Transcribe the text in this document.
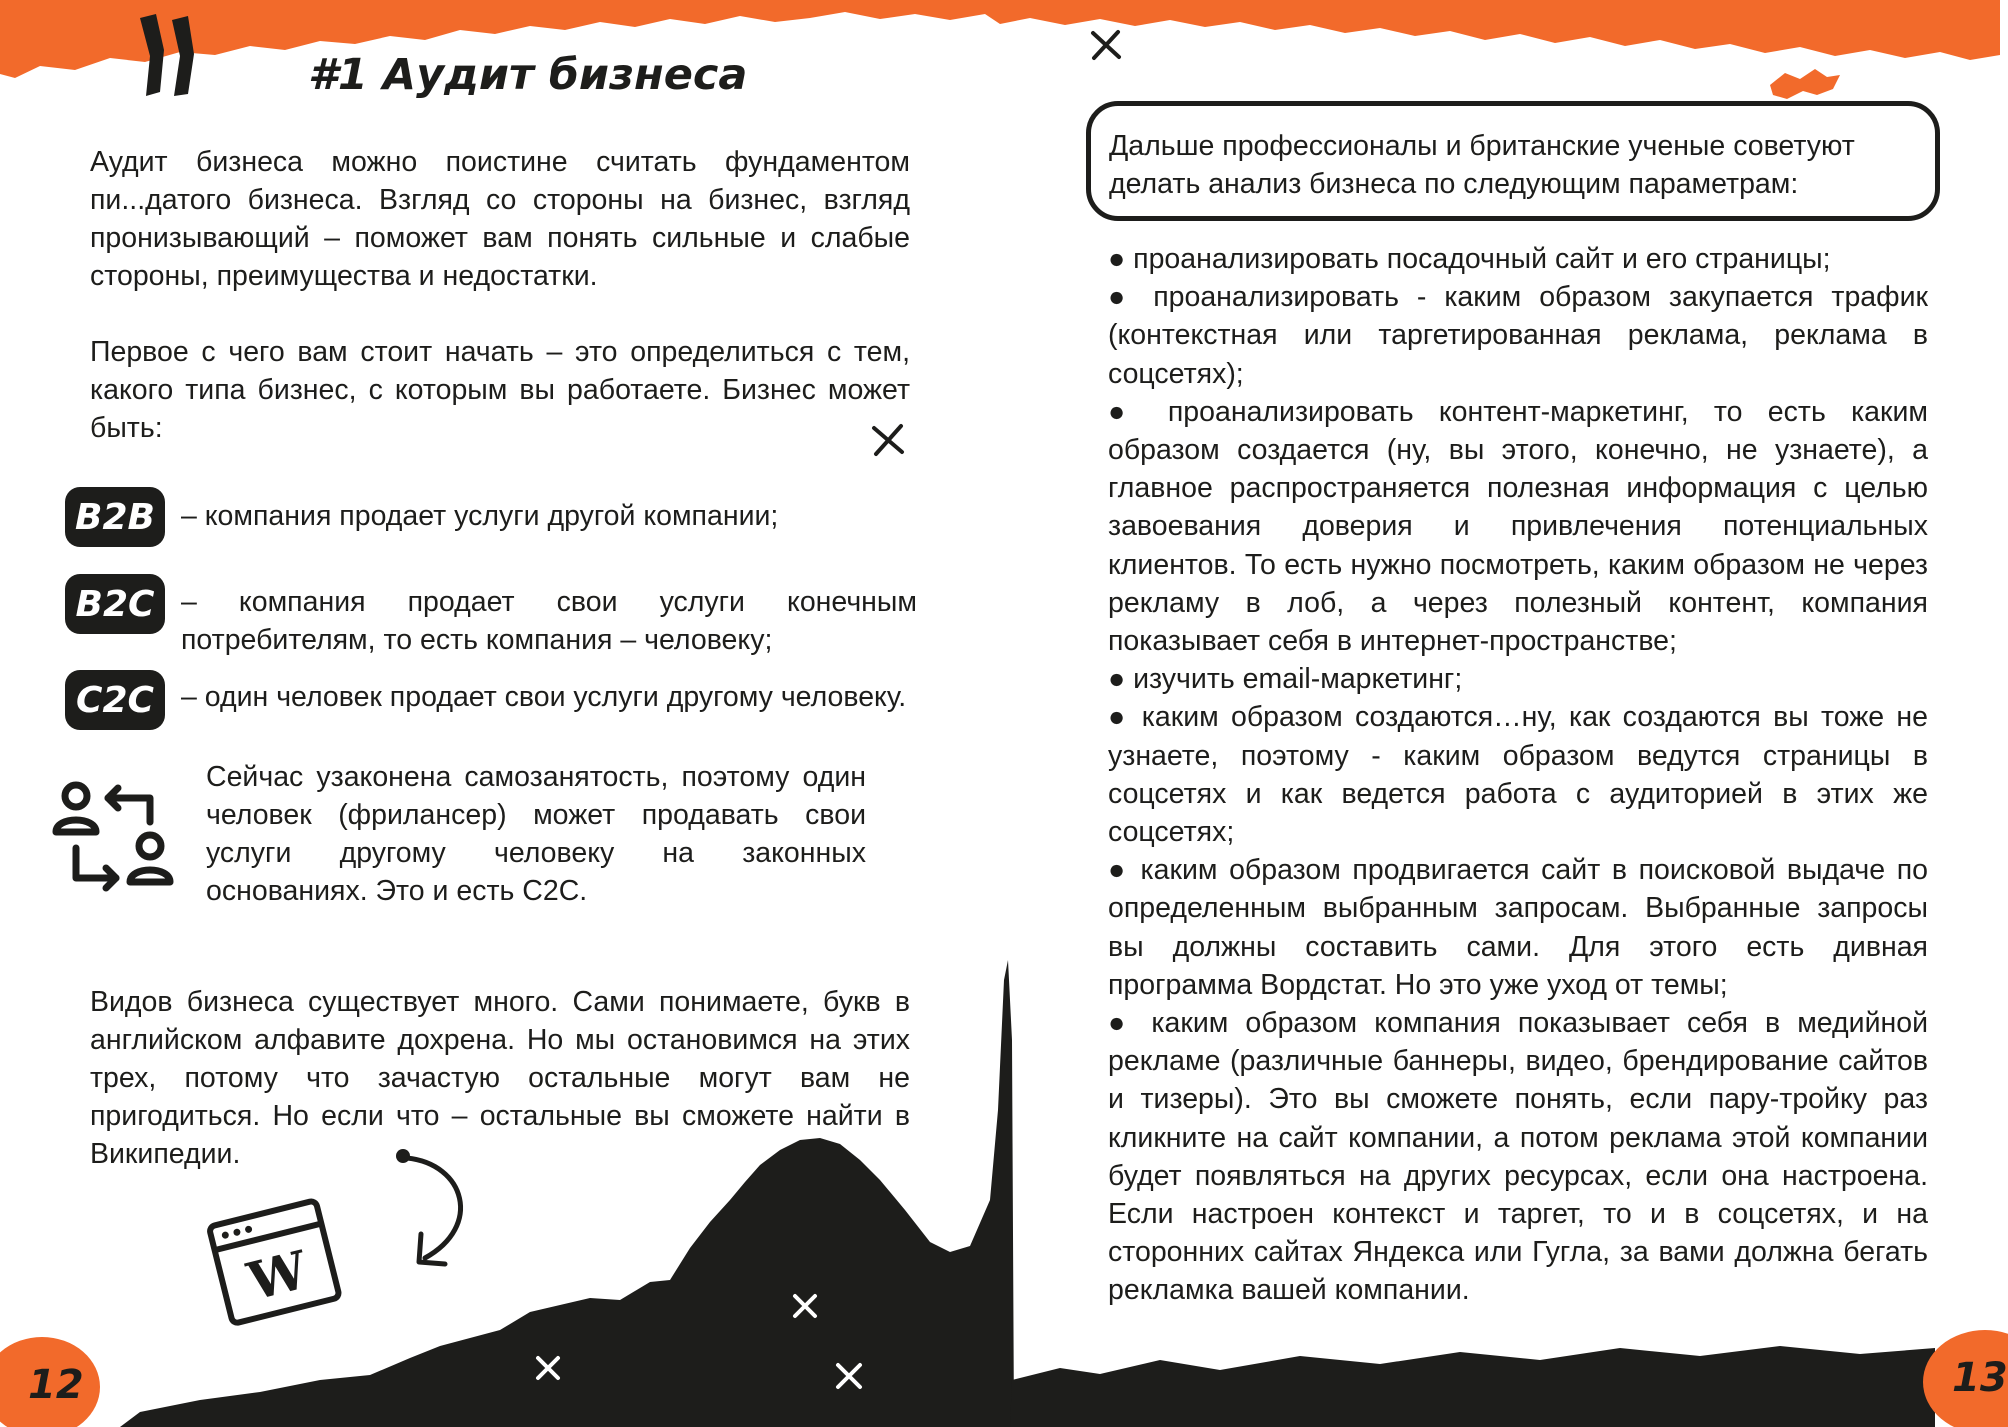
#1 Аудит бизнеса
Аудит бизнеса можно поистине считать фундаментом пи...датого бизнеса. Взгляд со стороны на бизнес, взгляд пронизывающий – поможет вам понять сильные и слабые стороны, преимущества и недостатки.
Первое с чего вам стоит начать – это определиться с тем, какого типа бизнес, с которым вы работаете. Бизнес может быть:
B2B – компания продает услуги другой компании;
B2C – компания продает свои услуги конечным потребителям, то есть компания – человеку;
C2C – один человек продает свои услуги другому человеку.
Сейчас узаконена самозанятость, поэтому один человек (фрилансер) может продавать свои услуги другому человеку на законных основаниях. Это и есть C2C.
Видов бизнеса существует много. Сами понимаете, букв в английском алфавите дохрена. Но мы остановимся на этих трех, потому что зачастую остальные могут вам не пригодиться. Но если что – остальные вы сможете найти в Википедии.
W
12	13
Дальше профессионалы и британские ученые советуют делать анализ бизнеса по следующим параметрам:

● проанализировать посадочный сайт и его страницы;

● проанализировать - каким образом закупается трафик (контекстная или таргетированная реклама, реклама в соцсетях);

● проанализировать контент-маркетинг, то есть каким образом создается (ну, вы этого, конечно, не узнаете), а главное распространяется полезная информация с целью завоевания доверия и привлечения потенциальных клиентов. То есть нужно посмотреть, каким образом не через рекламу в лоб, а через полезный контент, компания показывает себя в интернет-пространстве;

● изучить email-маркетинг;

● каким образом создаются…ну, как создаются вы тоже не узнаете, поэтому - каким образом ведутся страницы в соцсетях и как ведется работа с аудиторией в этих же соцсетях;

● каким образом продвигается сайт в поисковой выдаче по определенным выбранным запросам. Выбранные запросы вы должны составить сами. Для этого есть дивная программа Вордстат. Но это уже уход от темы;

● каким образом компания показывает себя в медийной рекламе (различные баннеры, видео, брендирование сайтов и тизеры). Это вы сможете понять, если пару-тройку раз кликните на сайт компании, а потом реклама этой компании будет появляться на других ресурсах, если она настроена. Если настроен контекст и таргет, то и в соцсетях, и на сторонних сайтах Яндекса или Гугла, за вами должна бегать рекламка вашей компании.
